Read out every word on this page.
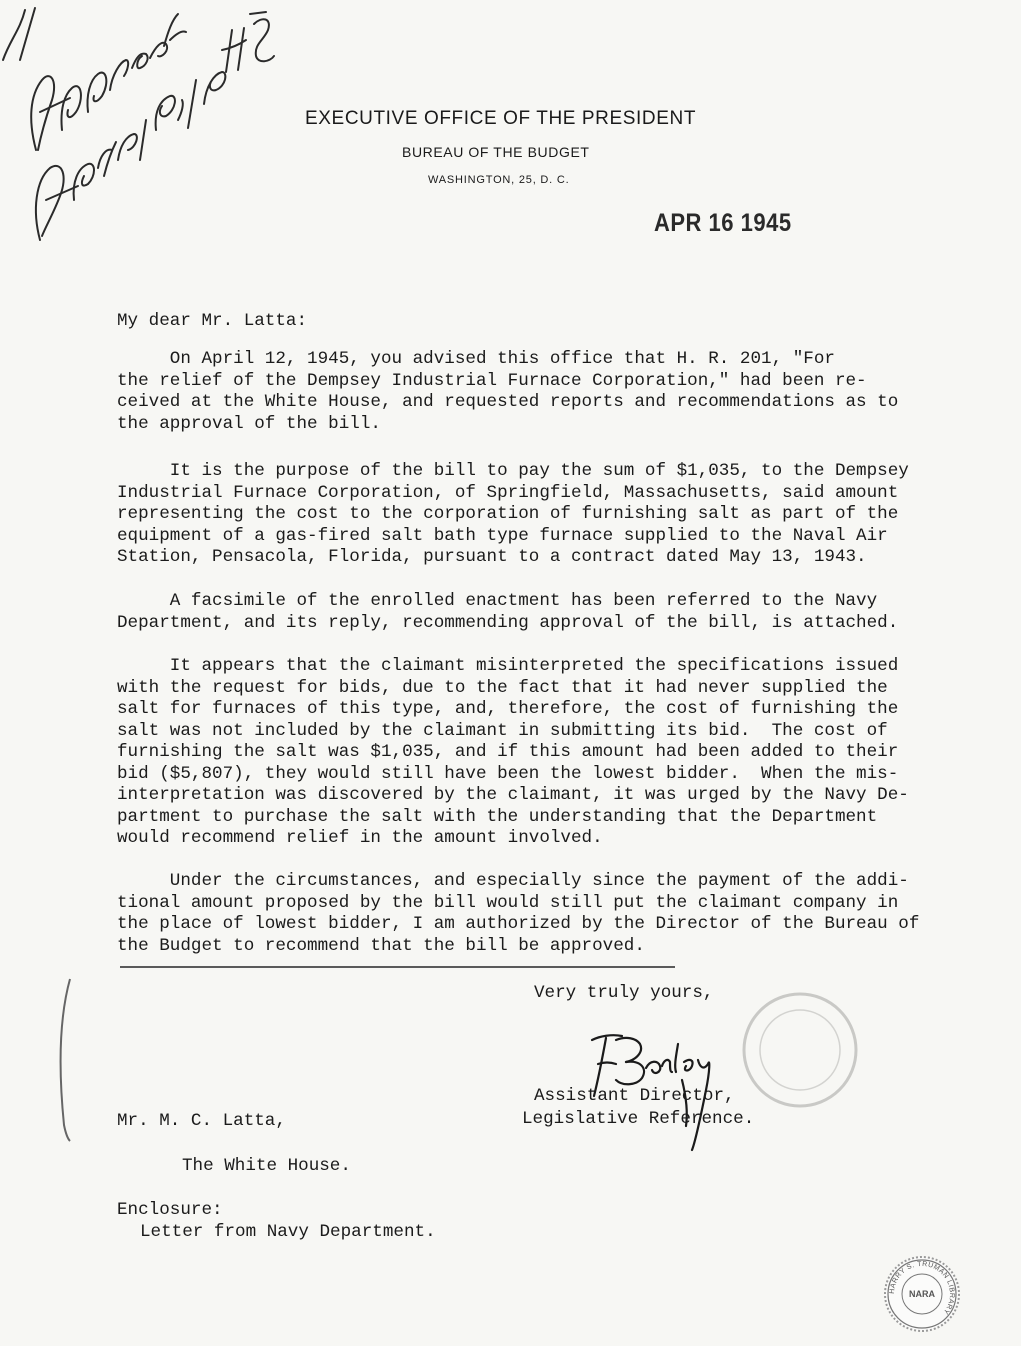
EXECUTIVE OFFICE OF THE PRESIDENT
BUREAU OF THE BUDGET
WASHINGTON, 25, D. C.
APR 16 1945
My dear Mr. Latta:
On April 12, 1945, you advised this office that H. R. 201, "For
the relief of the Dempsey Industrial Furnace Corporation," had been re-
ceived at the White House, and requested reports and recommendations as to
the approval of the bill.
It is the purpose of the bill to pay the sum of $1,035, to the Dempsey
Industrial Furnace Corporation, of Springfield, Massachusetts, said amount
representing the cost to the corporation of furnishing salt as part of the
equipment of a gas-fired salt bath type furnace supplied to the Naval Air
Station, Pensacola, Florida, pursuant to a contract dated May 13, 1943.
A facsimile of the enrolled enactment has been referred to the Navy
Department, and its reply, recommending approval of the bill, is attached.
It appears that the claimant misinterpreted the specifications issued
with the request for bids, due to the fact that it had never supplied the
salt for furnaces of this type, and, therefore, the cost of furnishing the
salt was not included by the claimant in submitting its bid.  The cost of
furnishing the salt was $1,035, and if this amount had been added to their
bid ($5,807), they would still have been the lowest bidder.  When the mis-
interpretation was discovered by the claimant, it was urged by the Navy De-
partment to purchase the salt with the understanding that the Department
would recommend relief in the amount involved.
Under the circumstances, and especially since the payment of the addi-
tional amount proposed by the bill would still put the claimant company in
the place of lowest bidder, I am authorized by the Director of the Bureau of
the Budget to recommend that the bill be approved.
Very truly yours,
Assistant Director,
Legislative Reference.
Mr. M. C. Latta,
The White House.
Enclosure:
Letter from Navy Department.
HARRY S. TRUMAN LIBRARY
NARA
